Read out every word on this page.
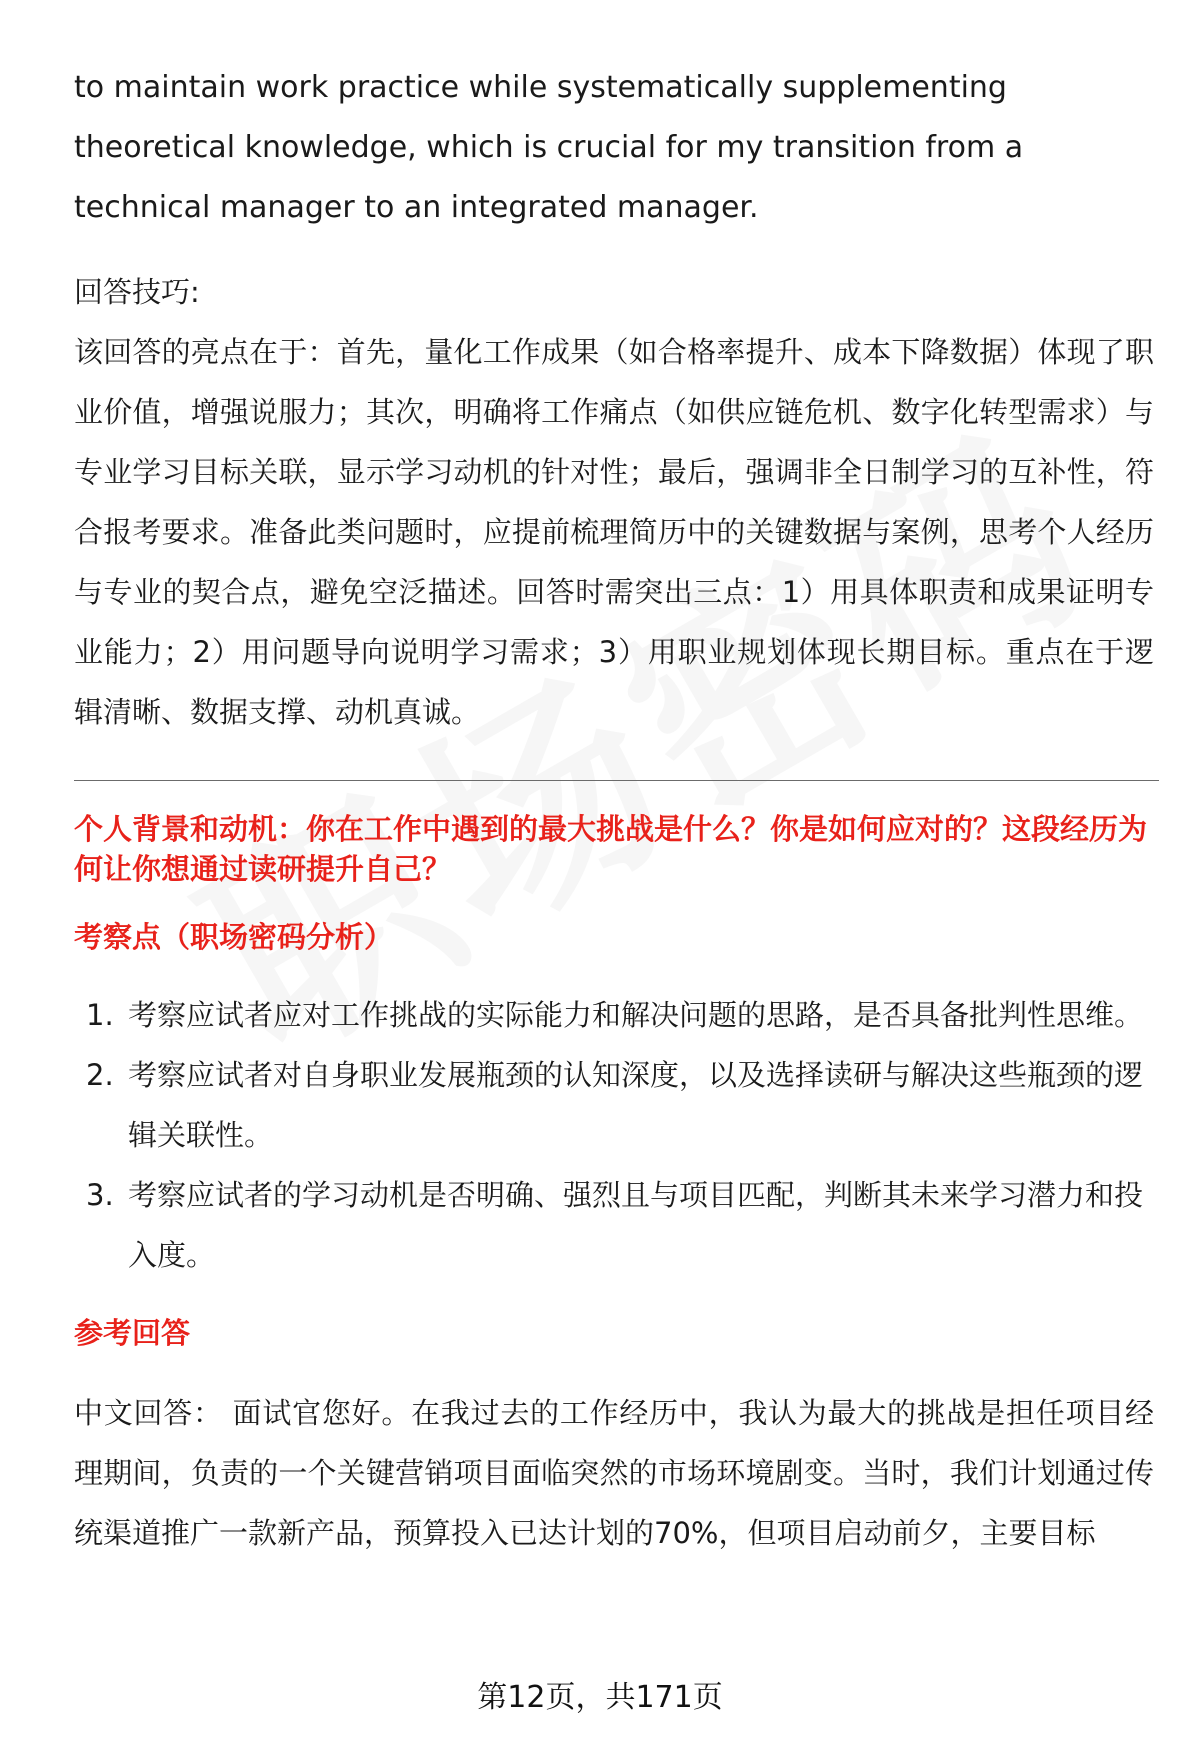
to maintain work practice while systematically supplementing theoretical knowledge, which is crucial for my transition from a technical manager to an integrated manager.

回答技巧:

该回答的亮点在于：首先，量化工作成果（如合格率提升、成本下降数据）体现了职业价值，增强说服力；其次，明确将工作痛点（如供应链危机、数字化转型需求）与专业学习目标关联，显示学习动机的针对性；最后，强调非全日制学习的互补性，符合报考要求。准备此类问题时，应提前梳理简历中的关键数据与案例，思考个人经历与专业的契合点，避免空泛描述。回答时需突出三点：1）用具体职责和成果证明专业能力；2）用问题导向说明学习需求；3）用职业规划体现长期目标。重点在于逻辑清晰、数据支撑、动机真诚。

个人背景和动机：你在工作中遇到的最大挑战是什么？你是如何应对的？这段经历为何让你想通过读研提升自己？
考察点（职场密码分析）
1. 考察应试者应对工作挑战的实际能力和解决问题的思路，是否具备批判性思维。
2. 考察应试者对自身职业发展瓶颈的认知深度，以及选择读研与解决这些瓶颈的逻辑关联性。
3. 考察应试者的学习动机是否明确、强烈且与项目匹配，判断其未来学习潜力和投入度。
参考回答

中文回答： 面试官您好。在我过去的工作经历中，我认为最大的挑战是担任项目经理期间，负责的一个关键营销项目面临突然的市场环境剧变。当时，我们计划通过传统渠道推广一款新产品，预算投入已达计划的70%，但项目启动前夕，主要目标

第12页，共171页
